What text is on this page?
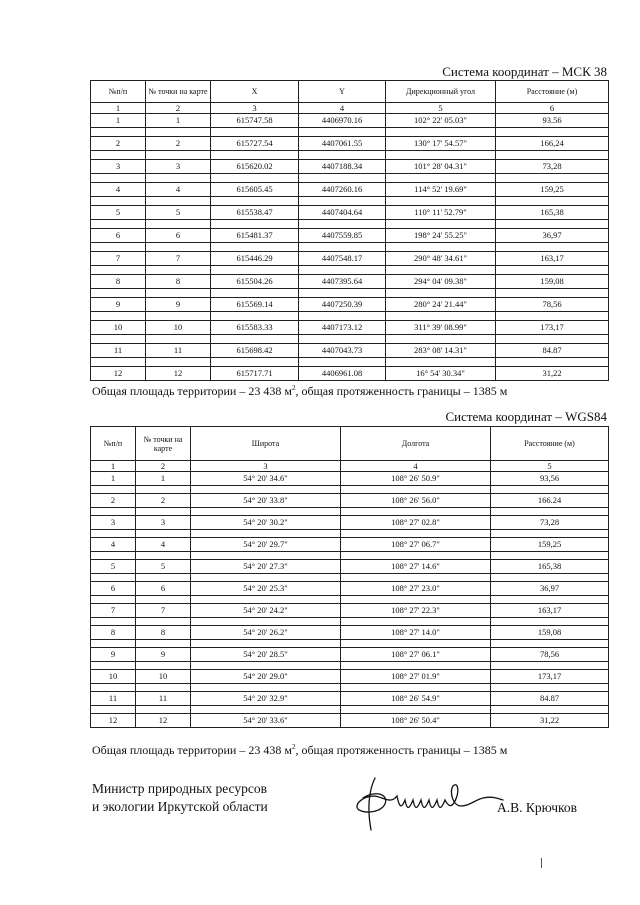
Система координат – МСК 38
№п/п	№ точки на карте	X	Y	Дирекционный угол	Расстояние (м)
1	2	3	4	5	6
1	1	615747.58	4406970.16	102° 22' 05.03"	93.56

2	2	615727.54	4407061.55	130° 17' 54.57"	166,24

3	3	615620.02	4407188.34	101° 28' 04.31"	73,28

4	4	615605.45	4407260.16	114° 52' 19.69"	159,25

5	5	615538.47	4407404.64	110° 11' 52.79"	165,38

6	6	615481.37	4407559.85	198° 24' 55.25"	36,97

7	7	615446.29	4407548.17	290° 48' 34.61"	163,17

8	8	615504.26	4407395.64	294° 04' 09.38"	159,08

9	9	615569.14	4407250.39	280° 24' 21.44"	78,56

10	10	615583.33	4407173.12	311° 39' 08.99"	173,17

11	11	615698.42	4407043.73	283° 08' 14.31"	84.87

12	12	615717.71	4406961.08	16° 54' 30.34"	31,22
Общая площадь территории – 23 438 $м^2$, общая протяженность границы – 1385 м
Система координат – WGS84
№п/п	№ точки на карте	Широта	Долгота	Расстояние (м)
1	2	3	4	5
1	1	54° 20' 34.6"	108° 26' 50.9"	93,56

2	2	54° 20' 33.8"	108° 26' 56.0"	166.24

3	3	54° 20' 30.2"	108° 27' 02.8"	73,28

4	4	54° 20' 29.7"	108° 27' 06.7"	159,25

5	5	54° 20' 27.3"	108° 27' 14.6"	165,38

6	6	54° 20' 25.3"	108° 27' 23.0"	36,97

7	7	54° 20' 24.2"	108° 27' 22.3"	163,17

8	8	54° 20' 26.2"	108° 27' 14.0"	159,08

9	9	54° 20' 28.5"	108° 27' 06.1"	78,56

10	10	54° 20' 29.0"	108° 27' 01.9"	173,17

11	11	54° 20' 32.9"	108° 26' 54.9"	84.87

12	12	54° 20' 33.6"	108° 26' 50.4"	31,22
Общая площадь территории – 23 438 $м^2$, общая протяженность границы – 1385 м
Министр природных ресурсов
и экологии Иркутской области	А.В. Крючков
